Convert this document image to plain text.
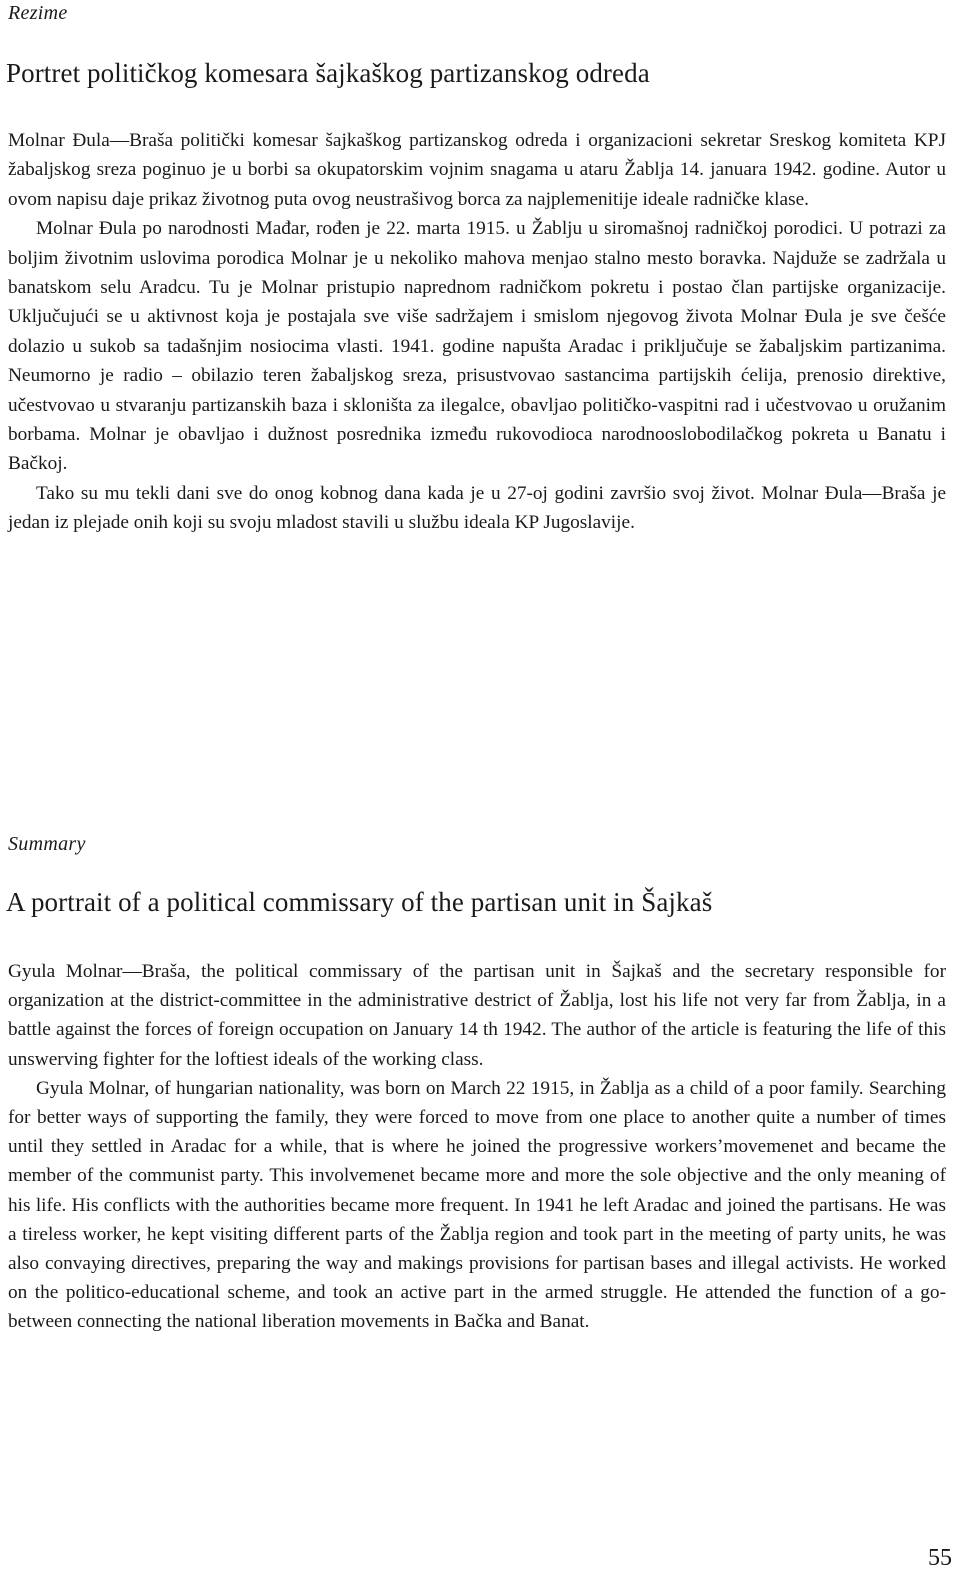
Rezime
Portret političkog komesara šajkaškog partizanskog odreda

Molnar Đula—Braša politički komesar šajkaškog partizanskog odreda i organizacioni sekretar Sreskog komiteta KPJ žabaljskog sreza poginuo je u borbi sa okupatorskim vojnim snagama u ataru Žablja 14. januara 1942. godine. Autor u ovom napisu daje prikaz životnog puta ovog neustrašivog borca za najplemenitije ideale radničke klase.

Molnar Đula po narodnosti Mađar, rođen je 22. marta 1915. u Žablju u siromašnoj radničkoj porodici. U potrazi za boljim životnim uslovima porodica Molnar je u nekoliko mahova menjao stalno mesto boravka. Najduže se zadržala u banatskom selu Aradcu. Tu je Molnar pristupio naprednom radničkom pokretu i postao član partijske organizacije. Uključujući se u aktivnost koja je postajala sve više sadržajem i smislom njegovog života Molnar Đula je sve češće dolazio u sukob sa tadašnjim nosiocima vlasti. 1941. godine napušta Aradac i priključuje se žabaljskim partizanima. Neumorno je radio – obilazio teren žabaljskog sreza, prisustvovao sastancima partijskih ćelija, prenosio direktive, učestvovao u stvaranju partizanskih baza i skloništa za ilegalce, obavljao političko-vaspitni rad i učestvovao u oružanim borbama. Molnar je obavljao i dužnost posrednika između rukovodioca narodnooslobodilačkog pokreta u Banatu i Bačkoj.

Tako su mu tekli dani sve do onog kobnog dana kada je u 27-oj godini završio svoj život. Molnar Đula—Braša je jedan iz plejade onih koji su svoju mladost stavili u službu ideala KP Jugoslavije.

Summary
A portrait of a political commissary of the partisan unit in Šajkaš

Gyula Molnar—Braša, the political commissary of the partisan unit in Šajkaš and the secretary responsible for organization at the district-committee in the administrative destrict of Žablja, lost his life not very far from Žablja, in a battle against the forces of foreign occupation on January 14 th 1942. The author of the article is featuring the life of this unswerving fighter for the loftiest ideals of the working class.

Gyula Molnar, of hungarian nationality, was born on March 22 1915, in Žablja as a child of a poor family. Searching for better ways of supporting the family, they were forced to move from one place to another quite a number of times until they settled in Aradac for a while, that is where he joined the progressive workers’movemenet and became the member of the communist party. This involvemenet became more and more the sole objective and the only meaning of his life. His conflicts with the authorities became more frequent. In 1941 he left Aradac and joined the partisans. He was a tireless worker, he kept visiting different parts of the Žablja region and took part in the meeting of party units, he was also convaying directives, preparing the way and makings provisions for partisan bases and illegal activists. He worked on the politico-educational scheme, and took an active part in the armed struggle. He attended the function of a go-between connecting the national liberation movements in Bačka and Banat.

55
